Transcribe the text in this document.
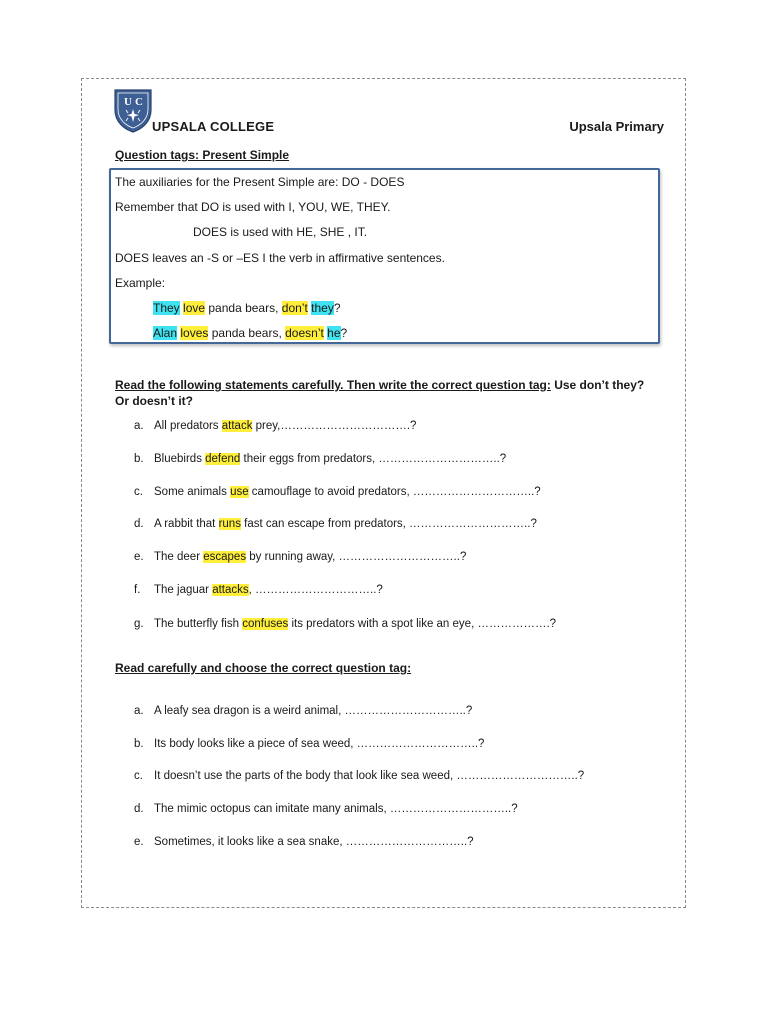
U C
UPSALA COLLEGE	Upsala Primary
Question tags: Present Simple
The auxiliaries for the Present Simple are: DO - DOES
Remember that DO is used with I, YOU, WE, THEY.
DOES is used with HE, SHE , IT.
DOES leaves an -S or –ES I the verb in affirmative sentences.
Example:
They love panda bears, don’t they?
Alan loves panda bears, doesn’t he?
Read the following statements carefully. Then write the correct question tag: Use don’t they?
Or doesn’t it?
a. All predators attack prey,…………………………….?
b. Bluebirds defend their eggs from predators, …………………………..?
c. Some animals use camouflage to avoid predators, …………………………..?
d. A rabbit that runs fast can escape from predators, …………………………..?
e. The deer escapes by running away, …………………………..?
f. The jaguar attacks, …………………………..?
g. The butterfly fish confuses its predators with a spot like an eye, ……………….?
Read carefully and choose the correct question tag:
a. A leafy sea dragon is a weird animal, …………………………..?
b. Its body looks like a piece of sea weed, …………………………..?
c. It doesn’t use the parts of the body that look like sea weed, …………………………..?
d. The mimic octopus can imitate many animals, …………………………..?
e. Sometimes, it looks like a sea snake, …………………………..?
